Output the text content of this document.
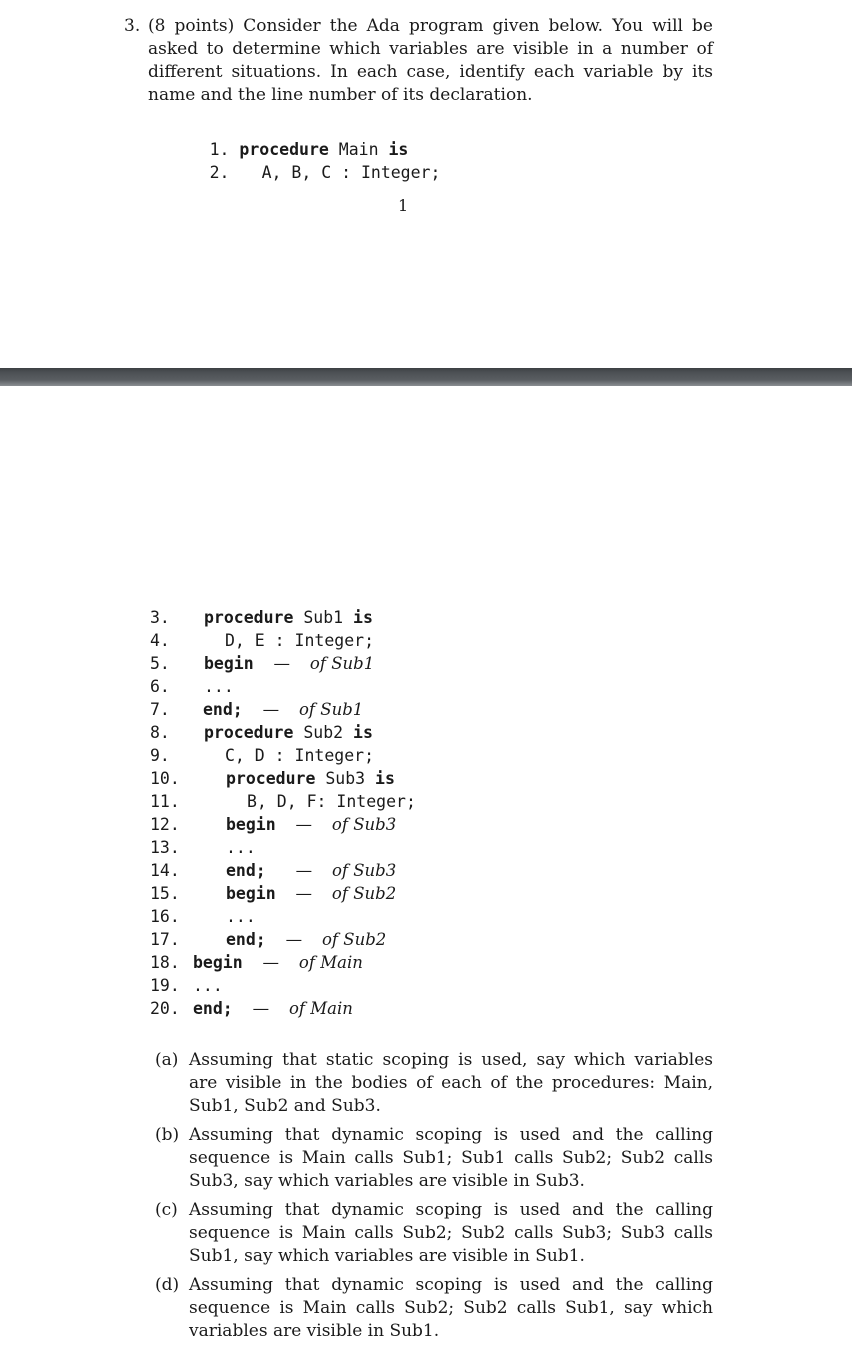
3. (8 points) Consider the Ada program given below. You will be asked to determine which variables are visible in a number of different situations. In each case, identify each variable by its name and the line number of its declaration.

1. procedure Main is

2. A, B, C : Integer;

1

3. procedure Sub1 is

4.	D, E : Integer;

5. begin — of Sub1

6. ...

7. end; — of Sub1

8. procedure Sub2 is

9.	C, D : Integer;

10.	procedure Sub3 is

11.	B, D, F: Integer;

12.	begin — of Sub3

13.	...

14.	end; — of Sub3

15.	begin — of Sub2

16.	...

17.	end; — of Sub2

18. begin — of Main

19. ...

20. end; — of Main

(a) Assuming that static scoping is used, say which variables are visible in the bodies of each of the procedures: Main, Sub1, Sub2 and Sub3.
(b) Assuming that dynamic scoping is used and the calling sequence is Main calls Sub1; Sub1 calls Sub2; Sub2 calls Sub3, say which variables are visible in Sub3.
(c) Assuming that dynamic scoping is used and the calling sequence is Main calls Sub2; Sub2 calls Sub3; Sub3 calls Sub1, say which variables are visible in Sub1.
(d) Assuming that dynamic scoping is used and the calling sequence is Main calls Sub2; Sub2 calls Sub1, say which variables are visible in Sub1.
